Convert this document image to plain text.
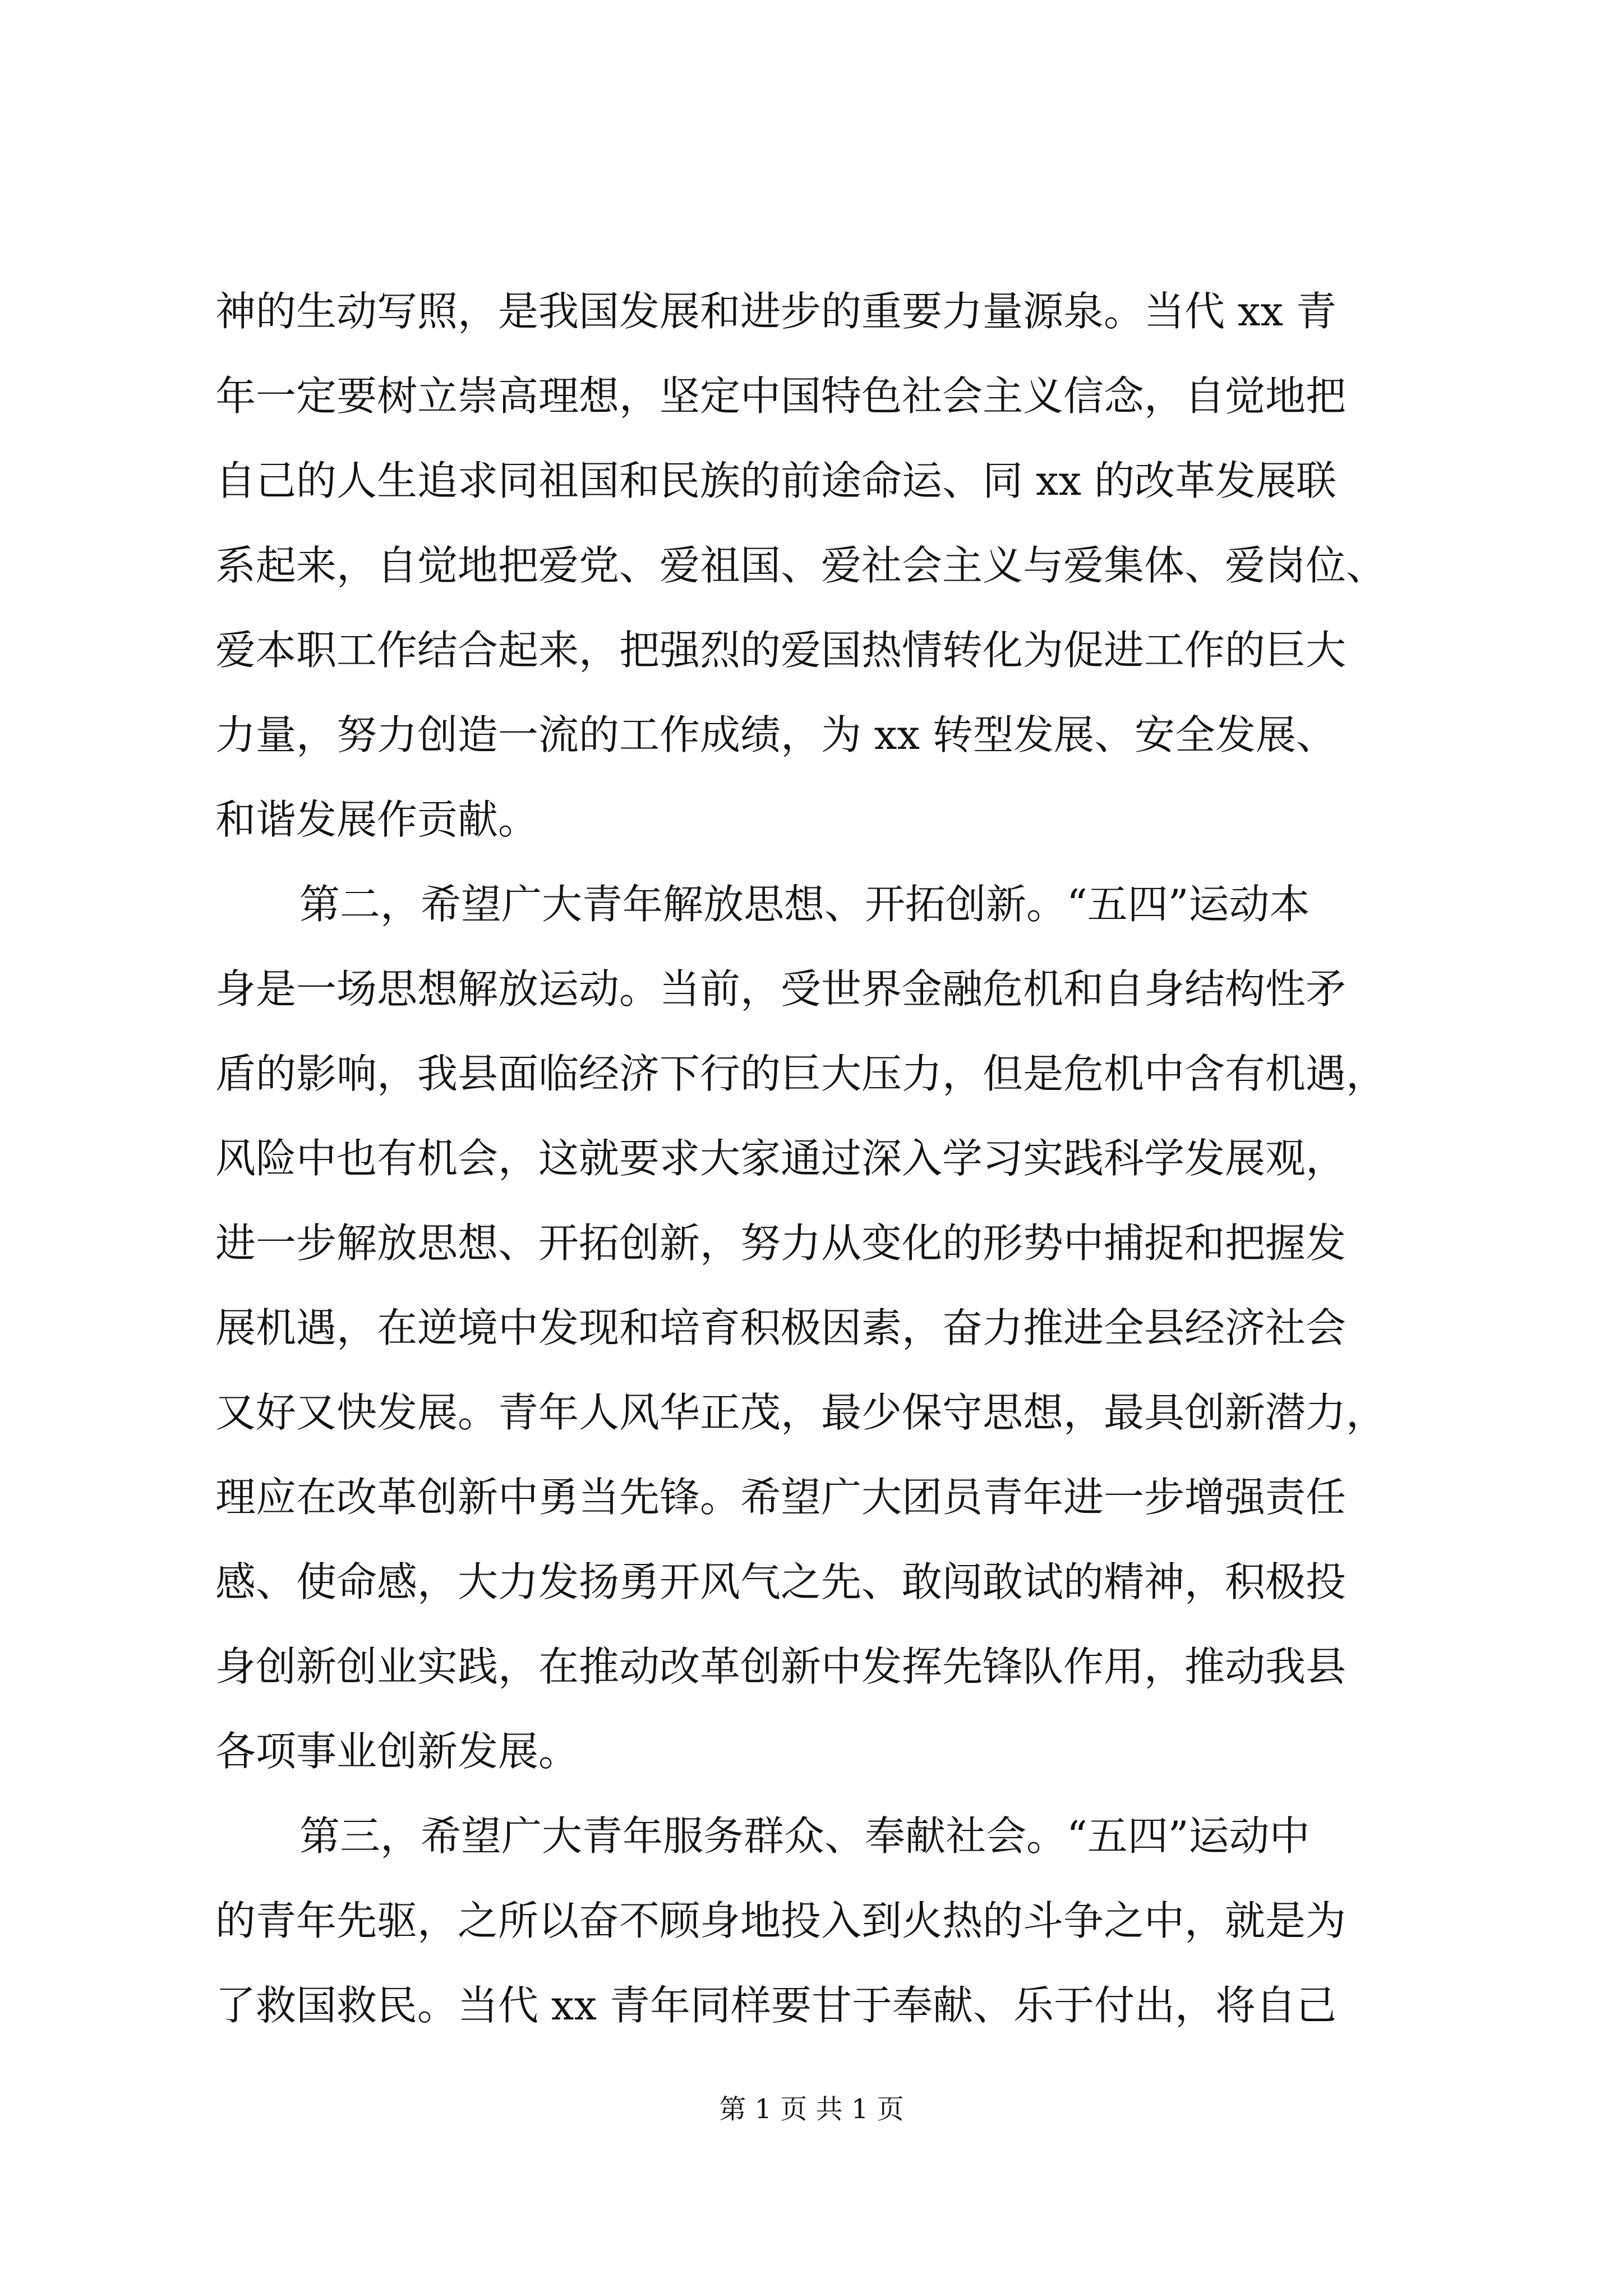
神的生动写照，是我国发展和进步的重要力量源泉。当代 xx 青
年一定要树立崇高理想，坚定中国特色社会主义信念，自觉地把
自己的人生追求同祖国和民族的前途命运、同 xx 的改革发展联
系起来，自觉地把爱党、爱祖国、爱社会主义与爱集体、爱岗位、
爱本职工作结合起来，把强烈的爱国热情转化为促进工作的巨大
力量，努力创造一流的工作成绩，为 xx 转型发展、安全发展、
和谐发展作贡献。
第二，希望广大青年解放思想、开拓创新。“五四”运动本
身是一场思想解放运动。当前，受世界金融危机和自身结构性矛
盾的影响，我县面临经济下行的巨大压力，但是危机中含有机遇，
风险中也有机会，这就要求大家通过深入学习实践科学发展观，
进一步解放思想、开拓创新，努力从变化的形势中捕捉和把握发
展机遇，在逆境中发现和培育积极因素，奋力推进全县经济社会
又好又快发展。青年人风华正茂，最少保守思想，最具创新潜力，
理应在改革创新中勇当先锋。希望广大团员青年进一步增强责任
感、使命感，大力发扬勇开风气之先、敢闯敢试的精神，积极投
身创新创业实践，在推动改革创新中发挥先锋队作用，推动我县
各项事业创新发展。
第三，希望广大青年服务群众、奉献社会。“五四”运动中
的青年先驱，之所以奋不顾身地投入到火热的斗争之中，就是为
了救国救民。当代 xx 青年同样要甘于奉献、乐于付出，将自己
第 1 页 共 1 页
